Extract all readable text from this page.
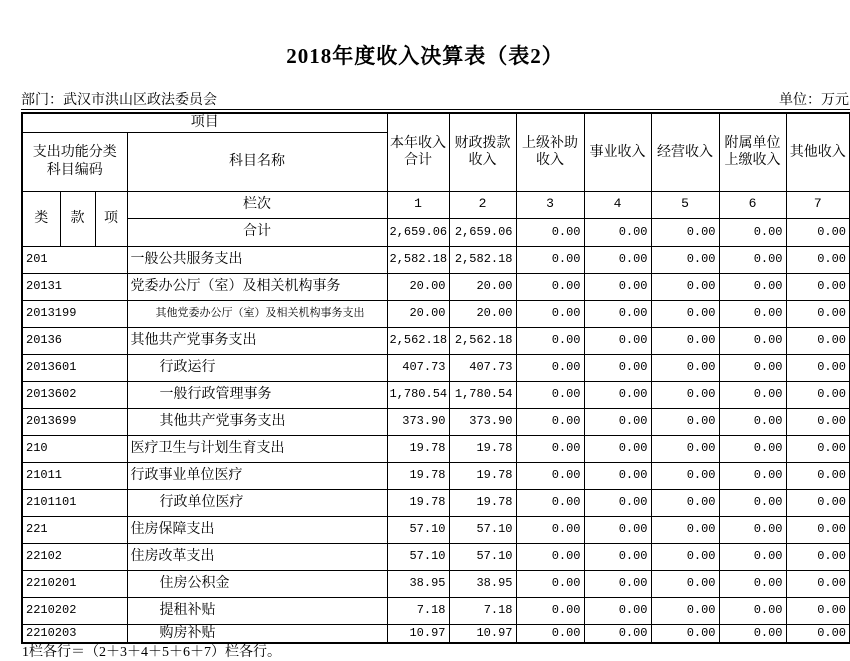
2018年度收入决算表（表2）
部门：武汉市洪山区政法委员会	单位：万元
项目				本年收入合计	财政拨款收入	上级补助收入	事业收入	经营收入	附属单位上缴收入	其他收入
支出功能分类
科目编码			科目名称							
类	款	项	栏次	1	2	3	4	5	6	7
			合计	2,659.06	2,659.06	0.00	0.00	0.00	0.00	0.00
201			一般公共服务支出	2,582.18	2,582.18	0.00	0.00	0.00	0.00	0.00
20131			党委办公厅（室）及相关机构事务	20.00	20.00	0.00	0.00	0.00	0.00	0.00
2013199			其他党委办公厅（室）及相关机构事务支出	20.00	20.00	0.00	0.00	0.00	0.00	0.00
20136			其他共产党事务支出	2,562.18	2,562.18	0.00	0.00	0.00	0.00	0.00
2013601			行政运行	407.73	407.73	0.00	0.00	0.00	0.00	0.00
2013602			一般行政管理事务	1,780.54	1,780.54	0.00	0.00	0.00	0.00	0.00
2013699			其他共产党事务支出	373.90	373.90	0.00	0.00	0.00	0.00	0.00
210			医疗卫生与计划生育支出	19.78	19.78	0.00	0.00	0.00	0.00	0.00
21011			行政事业单位医疗	19.78	19.78	0.00	0.00	0.00	0.00	0.00
2101101			行政单位医疗	19.78	19.78	0.00	0.00	0.00	0.00	0.00
221			住房保障支出	57.10	57.10	0.00	0.00	0.00	0.00	0.00
22102			住房改革支出	57.10	57.10	0.00	0.00	0.00	0.00	0.00
2210201			住房公积金	38.95	38.95	0.00	0.00	0.00	0.00	0.00
2210202			提租补贴	7.18	7.18	0.00	0.00	0.00	0.00	0.00
2210203			购房补贴	10.97	10.97	0.00	0.00	0.00	0.00	0.00
1栏各行＝（2＋3＋4＋5＋6＋7）栏各行。
